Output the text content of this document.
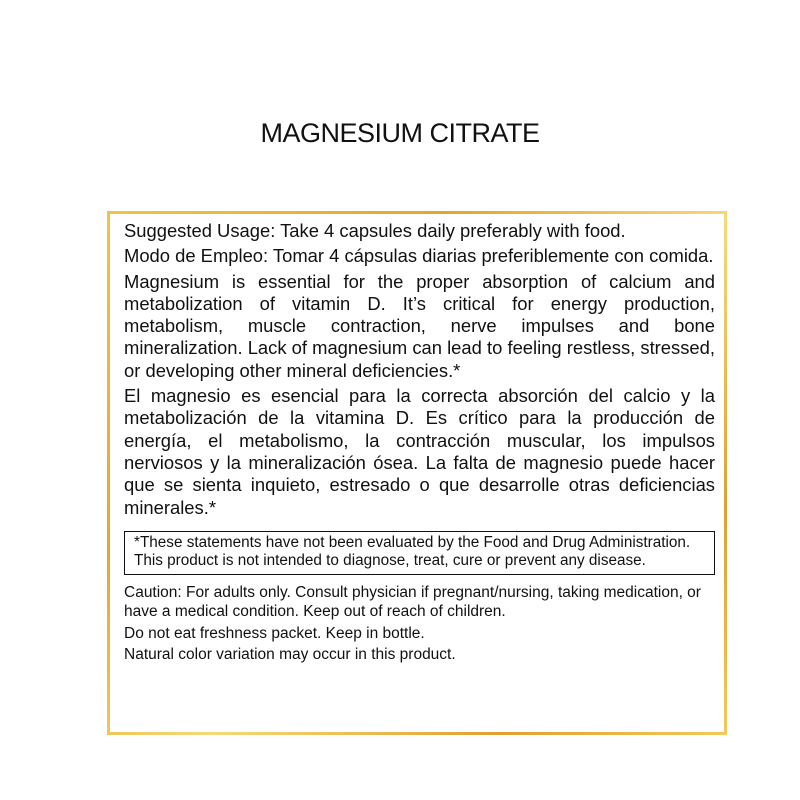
MAGNESIUM CITRATE

Suggested Usage: Take 4 capsules daily preferably with food.

Modo de Empleo: Tomar 4 cápsulas diarias preferiblemente con comida.

Magnesium is essential for the proper absorption of calcium and metabolization of vitamin D. It’s critical for energy production, metabolism, muscle contraction, nerve impulses and bone mineralization. Lack of magnesium can lead to feeling restless, stressed, or developing other mineral deficiencies.*

El magnesio es esencial para la correcta absorción del calcio y la metabolización de la vitamina D. Es crítico para la producción de energía, el metabolismo, la contracción muscular, los impulsos nerviosos y la mineralización ósea. La falta de magnesio puede hacer que se sienta inquieto, estresado o que desarrolle otras deficiencias minerales.*

*These statements have not been evaluated by the Food and Drug Administration. This product is not intended to diagnose, treat, cure or prevent any disease.

Caution: For adults only. Consult physician if pregnant/nursing, taking medication, or have a medical condition. Keep out of reach of children.

Do not eat freshness packet. Keep in bottle.

Natural color variation may occur in this product.
